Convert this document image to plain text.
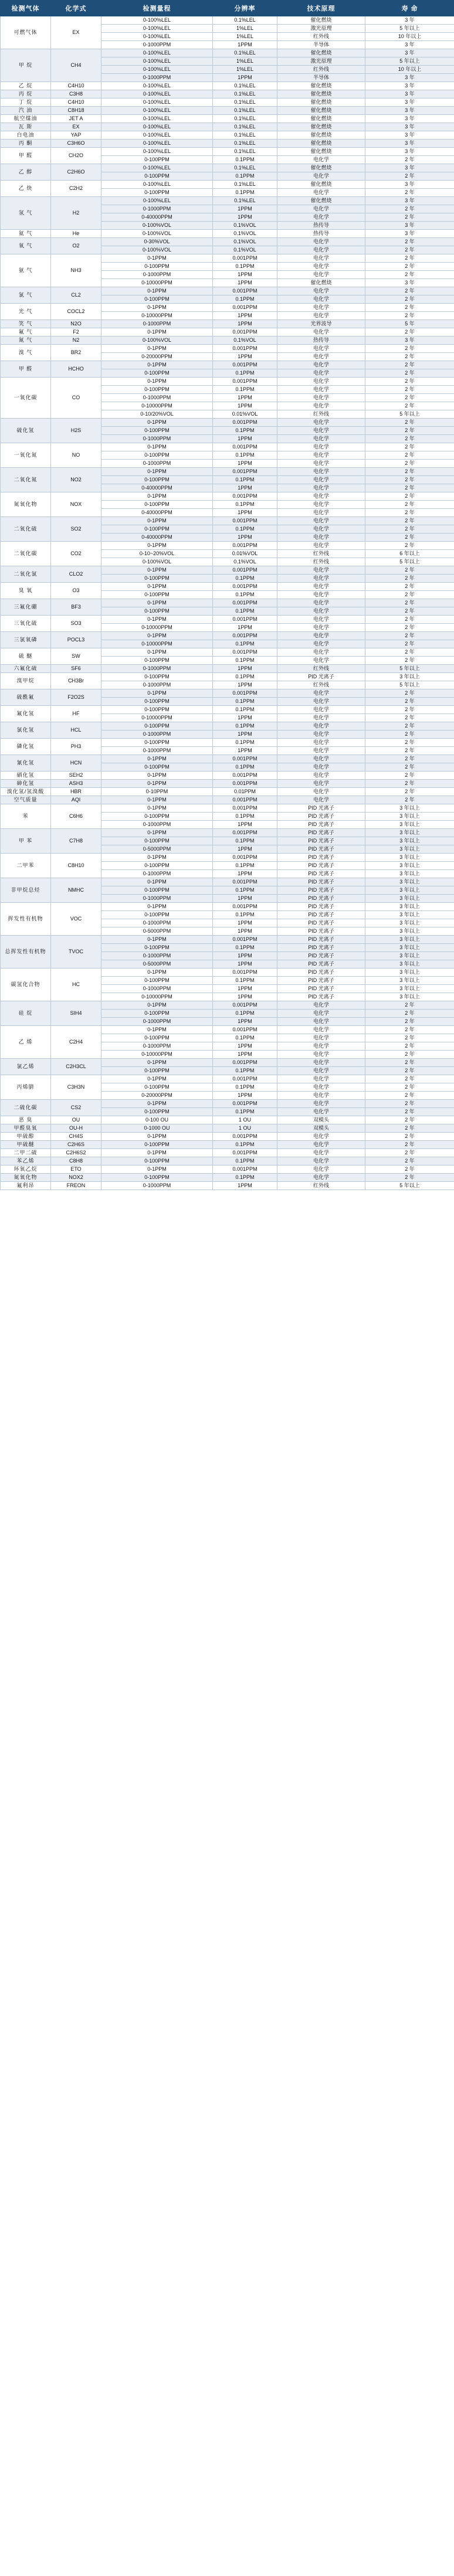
检测气体	化学式	检测量程	分辨率	技术原理	寿 命
可燃气体	EX	0-100%LEL	0.1%LEL	催化燃烧	3 年
		0-100%LEL	1%LEL	激光原理	5 年以上
		0-100%LEL	1%LEL	红外线	10 年以上
		0-1000PPM	1PPM	半导体	3 年
甲 烷	CH4	0-100%LEL	0.1%LEL	催化燃烧	3 年
		0-100%LEL	1%LEL	激光原理	5 年以上
		0-100%LEL	1%LEL	红外线	10 年以上
		0-1000PPM	1PPM	半导体	3 年
乙 烷	C4H10	0-100%LEL	0.1%LEL	催化燃烧	3 年
丙 烷	C3H8	0-100%LEL	0.1%LEL	催化燃烧	3 年
丁 烷	C4H10	0-100%LEL	0.1%LEL	催化燃烧	3 年
汽 油	C8H18	0-100%LEL	0.1%LEL	催化燃烧	3 年
航空煤油	JET A	0-100%LEL	0.1%LEL	催化燃烧	3 年
瓦 斯	EX	0-100%LEL	0.1%LEL	催化燃烧	3 年
白电油	YAP	0-100%LEL	0.1%LEL	催化燃烧	3 年
丙 酮	C3H6O	0-100%LEL	0.1%LEL	催化燃烧	3 年
甲 醛	CH2O	0-100%LEL	0.1%LEL	催化燃烧	3 年
		0-100PPM	0.1PPM	电化学	2 年
乙 醇	C2H6O	0-100%LEL	0.1%LEL	催化燃烧	3 年
		0-100PPM	0.1PPM	电化学	2 年
乙 炔	C2H2	0-100%LEL	0.1%LEL	催化燃烧	3 年
		0-100PPM	0.1PPM	电化学	2 年
氢 气	H2	0-100%LEL	0.1%LEL	催化燃烧	3 年
		0-1000PPM	1PPM	电化学	2 年
		0-40000PPM	1PPM	电化学	2 年
		0-100%VOL	0.1%VOL	热传导	3 年
氦 气	He	0-100%VOL	0.1%VOL	热传导	3 年
氧 气	O2	0-30%VOL	0.1%VOL	电化学	2 年
		0-100%VOL	0.1%VOL	电化学	2 年
氨 气	NH3	0-1PPM	0.001PPM	电化学	2 年
		0-100PPM	0.1PPM	电化学	2 年
		0-1000PPM	1PPM	电化学	2 年
		0-10000PPM	1PPM	催化燃烧	3 年
氯 气	CL2	0-1PPM	0.001PPM	电化学	2 年
		0-100PPM	0.1PPM	电化学	2 年
光 气	COCL2	0-1PPM	0.001PPM	电化学	2 年
		0-10000PPM	1PPM	电化学	2 年
笑 气	N2O	0-1000PPM	1PPM	光界波导	5 年
氟 气	F2	0-1PPM	0.001PPM	电化学	2 年
氮 气	N2	0-100%VOL	0.1%VOL	热传导	3 年
溴 气	BR2	0-1PPM	0.001PPM	电化学	2 年
		0-20000PPM	1PPM	电化学	2 年
甲 醛	HCHO	0-1PPM	0.001PPM	电化学	2 年
		0-100PPM	0.1PPM	电化学	2 年
一氧化碳	CO	0-1PPM	0.001PPM	电化学	2 年
		0-100PPM	0.1PPM	电化学	2 年
		0-1000PPM	1PPM	电化学	2 年
		0-10000PPM	1PPM	电化学	2 年
		0-10/20%VOL	0.01%VOL	红外线	5 年以上
硫化氢	H2S	0-1PPM	0.001PPM	电化学	2 年
		0-100PPM	0.1PPM	电化学	2 年
		0-1000PPM	1PPM	电化学	2 年
一氧化氮	NO	0-1PPM	0.001PPM	电化学	2 年
		0-100PPM	0.1PPM	电化学	2 年
		0-1000PPM	1PPM	电化学	2 年
二氧化氮	NO2	0-1PPM	0.001PPM	电化学	2 年
		0-100PPM	0.1PPM	电化学	2 年
		0-40000PPM	1PPM	电化学	2 年
氮氧化物	NOX	0-1PPM	0.001PPM	电化学	2 年
		0-100PPM	0.1PPM	电化学	2 年
		0-40000PPM	1PPM	电化学	2 年
二氧化硫	SO2	0-1PPM	0.001PPM	电化学	2 年
		0-100PPM	0.1PPM	电化学	2 年
		0-40000PPM	1PPM	电化学	2 年
二氧化碳	CO2	0-1PPM	0.001PPM	电化学	2 年
		0-10~20%VOL	0.01%VOL	红外线	6 年以上
		0-100%VOL	0.1%VOL	红外线	5 年以上
二氧化氯	CLO2	0-1PPM	0.001PPM	电化学	2 年
		0-100PPM	0.1PPM	电化学	2 年
臭 氧	O3	0-1PPM	0.001PPM	电化学	2 年
		0-100PPM	0.1PPM	电化学	2 年
三氟化硼	BF3	0-1PPM	0.001PPM	电化学	2 年
		0-100PPM	0.1PPM	电化学	2 年
三氧化硫	SO3	0-1PPM	0.001PPM	电化学	2 年
		0-10000PPM	1PPM	电化学	2 年
三氯氧磷	POCL3	0-1PPM	0.001PPM	电化学	2 年
		0-10000PPM	0.1PPM	电化学	2 年
硫 醚	SW	0-1PPM	0.001PPM	电化学	2 年
		0-100PPM	0.1PPM	电化学	2 年
六氟化硫	SF6	0-1000PPM	1PPM	红外线	5 年以上
溴甲烷	CH3Br	0-100PPM	0.1PPM	PID 光离子	3 年以上
		0-1000PPM	1PPM	红外线	5 年以上
硫酰氟	F2O2S	0-1PPM	0.001PPM	电化学	2 年
		0-100PPM	0.1PPM	电化学	2 年
氟化氢	HF	0-100PPM	0.1PPM	电化学	2 年
		0-10000PPM	1PPM	电化学	2 年
氯化氢	HCL	0-100PPM	0.1PPM	电化学	2 年
		0-1000PPM	1PPM	电化学	2 年
磷化氢	PH3	0-100PPM	0.1PPM	电化学	2 年
		0-1000PPM	1PPM	电化学	2 年
氰化氢	HCN	0-1PPM	0.001PPM	电化学	2 年
		0-100PPM	0.1PPM	电化学	2 年
硒化氢	SEH2	0-1PPM	0.001PPM	电化学	2 年
砷化氢	ASH3	0-1PPM	0.001PPM	电化学	2 年
溴化氢/氢溴酸	HBR	0-10PPM	0.01PPM	电化学	2 年
空气质量	AQI	0-1PPM	0.001PPM	电化学	2 年
苯	C6H6	0-1PPM	0.001PPM	PID 光离子	3 年以上
		0-100PPM	0.1PPM	PID 光离子	3 年以上
		0-1000PPM	1PPM	PID 光离子	3 年以上
甲 苯	C7H8	0-1PPM	0.001PPM	PID 光离子	3 年以上
		0-100PPM	0.1PPM	PID 光离子	3 年以上
		0-5000PPM	1PPM	PID 光离子	3 年以上
二甲苯	C8H10	0-1PPM	0.001PPM	PID 光离子	3 年以上
		0-100PPM	0.1PPM	PID 光离子	3 年以上
		0-1000PPM	1PPM	PID 光离子	3 年以上
非甲烷总烃	NMHC	0-1PPM	0.001PPM	PID 光离子	3 年以上
		0-100PPM	0.1PPM	PID 光离子	3 年以上
		0-1000PPM	1PPM	PID 光离子	3 年以上
挥发性有机物	VOC	0-1PPM	0.001PPM	PID 光离子	3 年以上
		0-100PPM	0.1PPM	PID 光离子	3 年以上
		0-1000PPM	1PPM	PID 光离子	3 年以上
		0-5000PPM	1PPM	PID 光离子	3 年以上
总挥发性有机物	TVOC	0-1PPM	0.001PPM	PID 光离子	3 年以上
		0-100PPM	0.1PPM	PID 光离子	3 年以上
		0-1000PPM	1PPM	PID 光离子	3 年以上
		0-5000PPM	1PPM	PID 光离子	3 年以上
碳氢化合物	HC	0-1PPM	0.001PPM	PID 光离子	3 年以上
		0-100PPM	0.1PPM	PID 光离子	3 年以上
		0-1000PPM	1PPM	PID 光离子	3 年以上
		0-10000PPM	1PPM	PID 光离子	3 年以上
硅 烷	SIH4	0-1PPM	0.001PPM	电化学	2 年
		0-100PPM	0.1PPM	电化学	2 年
		0-1000PPM	1PPM	电化学	2 年
乙 烯	C2H4	0-1PPM	0.001PPM	电化学	2 年
		0-100PPM	0.1PPM	电化学	2 年
		0-1000PPM	1PPM	电化学	2 年
		0-10000PPM	1PPM	电化学	2 年
氯乙烯	C2H3CL	0-1PPM	0.001PPM	电化学	2 年
		0-100PPM	0.1PPM	电化学	2 年
丙烯腈	C3H3N	0-1PPM	0.001PPM	电化学	2 年
		0-100PPM	0.1PPM	电化学	2 年
		0-20000PPM	1PPM	电化学	2 年
二硫化碳	CS2	0-1PPM	0.001PPM	电化学	2 年
		0-100PPM	0.1PPM	电化学	2 年
恶 臭	OU	0-100 OU	1 OU	双模头	2 年
甲醛臭氧	OU-H	0-1000 OU	1 OU	双模头	2 年
甲硫醇	CH4S	0-1PPM	0.001PPM	电化学	2 年
甲硫醚	C2H6S	0-100PPM	0.1PPM	电化学	2 年
二甲二硫	C2H6S2	0-1PPM	0.001PPM	电化学	2 年
苯乙烯	C8H8	0-100PPM	0.1PPM	电化学	2 年
环氧乙烷	ETO	0-1PPM	0.001PPM	电化学	2 年
氮氧化物	NOX2	0-100PPM	0.1PPM	电化学	2 年
氟利昂	FREON	0-1000PPM	1PPM	红外线	5 年以上
